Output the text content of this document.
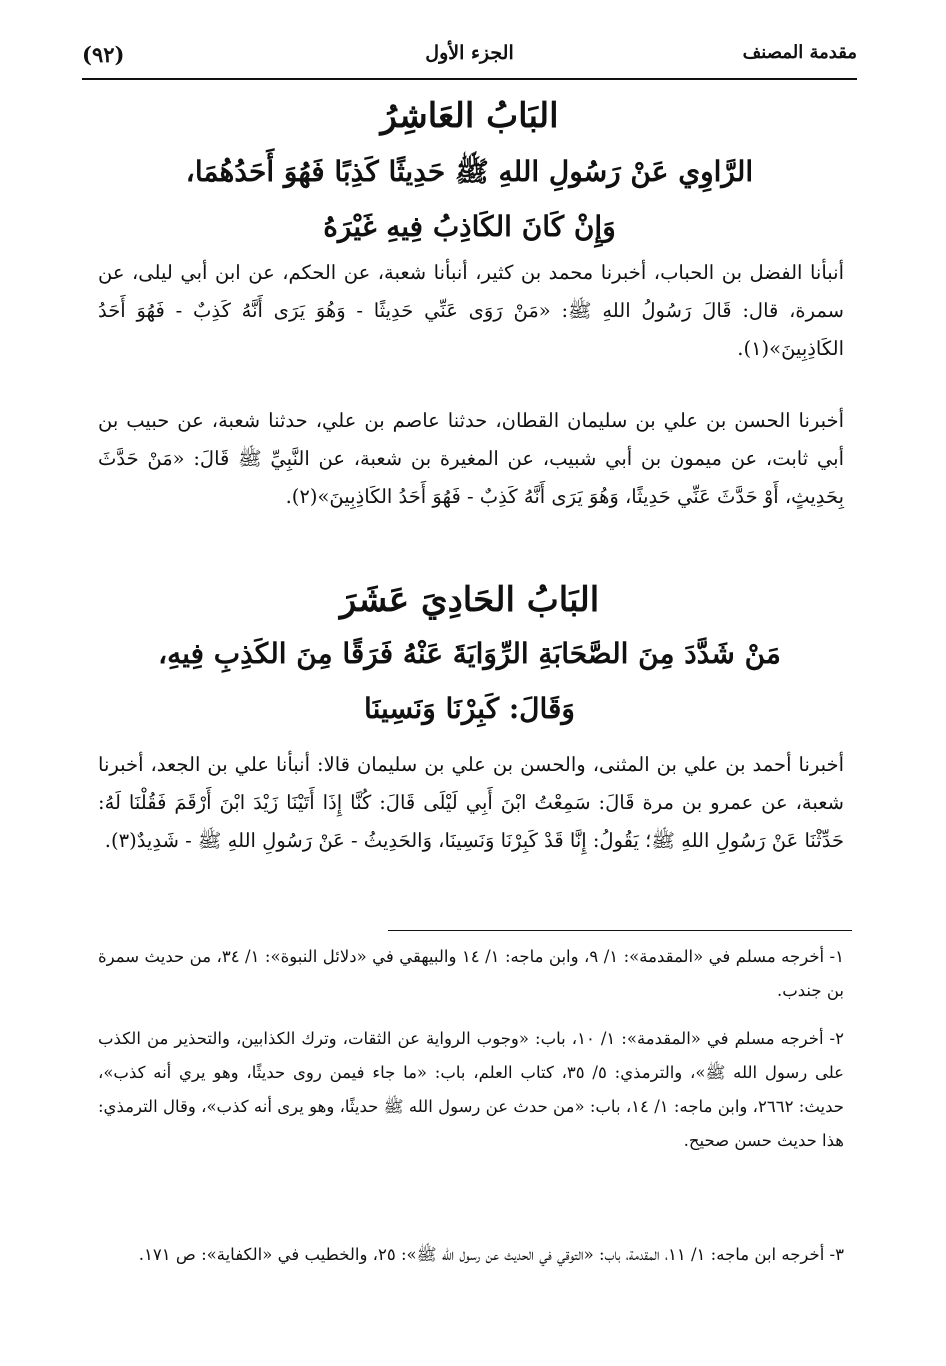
(٩٢)	الجزء الأول	مقدمة المصنف
البَابُ العَاشِرُ
الرَّاوِي عَنْ رَسُولِ اللهِ ﷺ حَدِيثًا كَذِبًا فَهُوَ أَحَدُهُمَا،
وَإِنْ كَانَ الكَاذِبُ فِيهِ غَيْرَهُ

أنبأنا الفضل بن الحباب، أخبرنا محمد بن كثير، أنبأنا شعبة، عن الحكم، عن ابن أبي ليلى، عن سمرة، قال: قَالَ رَسُولُ اللهِ ﷺ: «مَنْ رَوَى عَنِّي حَدِيثًا - وَهُوَ يَرَى أَنَّهُ كَذِبٌ - فَهُوَ أَحَدُ الكَاذِبِينَ»(١).

أخبرنا الحسن بن علي بن سليمان القطان، حدثنا عاصم بن علي، حدثنا شعبة، عن حبيب بن أبي ثابت، عن ميمون بن أبي شبيب، عن المغيرة بن شعبة، عن النَّبِيِّ ﷺ قَالَ: «مَنْ حَدَّثَ بِحَدِيثٍ، أَوْ حَدَّثَ عَنِّي حَدِيثًا، وَهُوَ يَرَى أَنَّهُ كَذِبٌ - فَهُوَ أَحَدُ الكَاذِبِينَ»(٢).

البَابُ الحَادِيَ عَشَرَ
مَنْ شَدَّدَ مِنَ الصَّحَابَةِ الرِّوَايَةَ عَنْهُ فَرَقًا مِنَ الكَذِبِ فِيهِ،
وَقَالَ: كَبِرْنَا وَنَسِينَا

أخبرنا أحمد بن علي بن المثنى، والحسن بن علي بن سليمان قالا: أنبأنا علي بن الجعد، أخبرنا شعبة، عن عمرو بن مرة قَالَ: سَمِعْتُ ابْنَ أَبِي لَيْلَى قَالَ: كُنَّا إِذَا أَتَيْنَا زَيْدَ ابْنَ أَرْقَمَ فَقُلْنَا لَهُ: حَدِّثْنَا عَنْ رَسُولِ اللهِ ﷺ؛ يَقُولُ: إِنَّا قَدْ كَبِرْنَا وَنَسِينَا، وَالحَدِيثُ - عَنْ رَسُولِ اللهِ ﷺ - شَدِيدٌ(٣).

١- أخرجه مسلم في «المقدمة»: ١/ ٩، وابن ماجه: ١/ ١٤ والبيهقي في «دلائل النبوة»: ١/ ٣٤، من حديث سمرة بن جندب.

٢- أخرجه مسلم في «المقدمة»: ١/ ١٠، باب: «وجوب الرواية عن الثقات، وترك الكذابين، والتحذير من الكذب على رسول الله ﷺ»، والترمذي: ٥/ ٣٥، كتاب العلم، باب: «ما جاء فيمن روى حديثًا، وهو يري أنه كذب»، حديث: ٢٦٦٢، وابن ماجه: ١/ ١٤، باب: «من حدث عن رسول الله ﷺ حديثًا، وهو يرى أنه كذب»، وقال الترمذي: هذا حديث حسن صحيح.

٣- أخرجه ابن ماجه: ١/ ١١، المقدمة، باب: «التوقي في الحديث عن رسول الله ﷺ»: ٢٥، والخطيب في «الكفاية»: ص ١٧١.
